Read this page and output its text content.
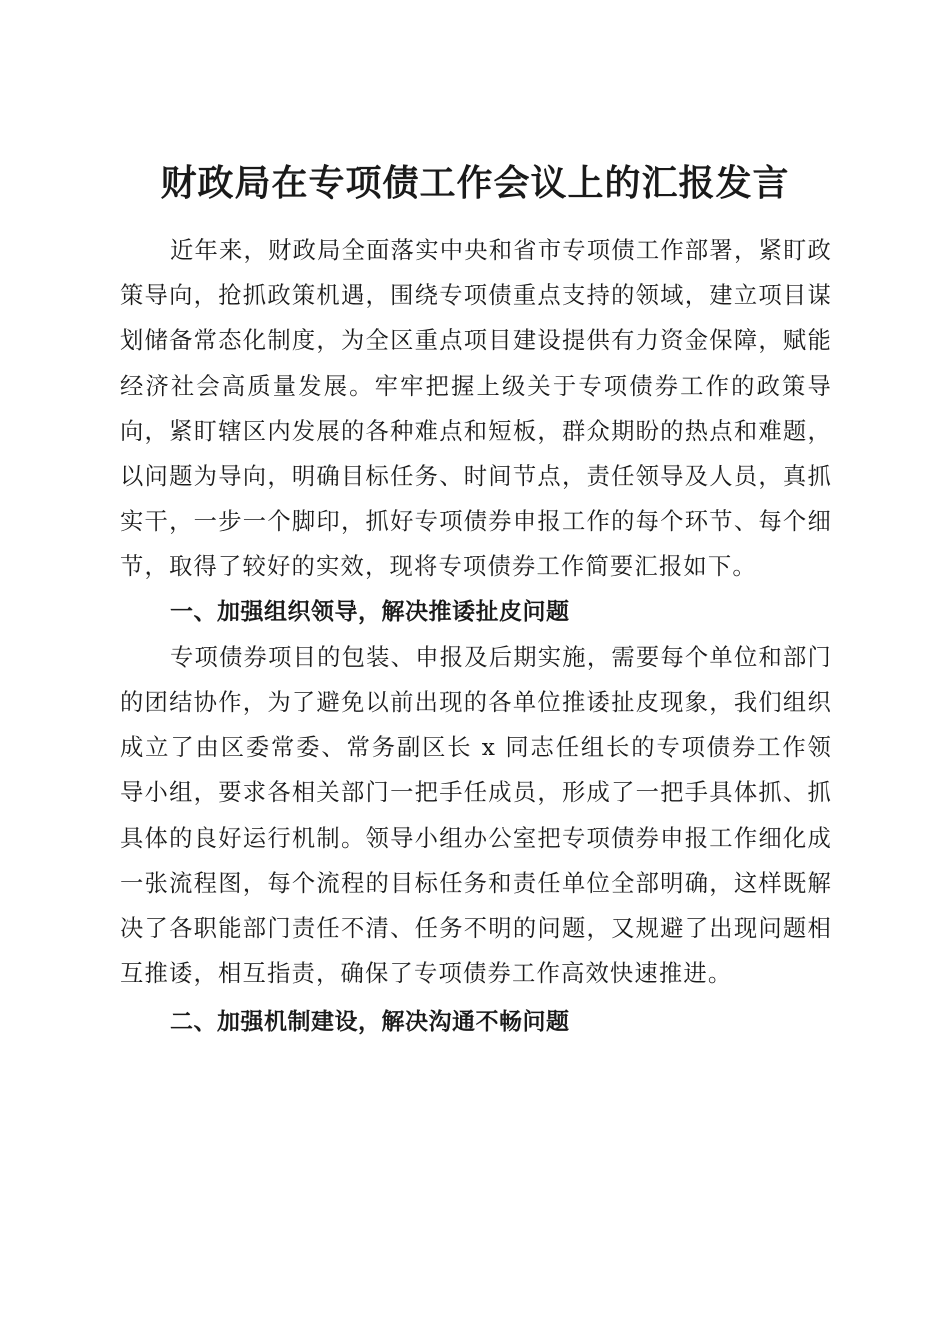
财政局在专项债工作会议上的汇报发言

近年来，财政局全面落实中央和省市专项债工作部署，紧盯政策导向，抢抓政策机遇，围绕专项债重点支持的领域，建立项目谋划储备常态化制度，为全区重点项目建设提供有力资金保障，赋能经济社会高质量发展。牢牢把握上级关于专项债券工作的政策导向，紧盯辖区内发展的各种难点和短板，群众期盼的热点和难题，以问题为导向，明确目标任务、时间节点，责任领导及人员，真抓实干，一步一个脚印，抓好专项债券申报工作的每个环节、每个细节，取得了较好的实效，现将专项债券工作简要汇报如下。

一、加强组织领导，解决推诿扯皮问题

专项债券项目的包装、申报及后期实施，需要每个单位和部门的团结协作，为了避免以前出现的各单位推诿扯皮现象，我们组织成立了由区委常委、常务副区长 x 同志任组长的专项债券工作领导小组，要求各相关部门一把手任成员，形成了一把手具体抓、抓具体的良好运行机制。领导小组办公室把专项债券申报工作细化成一张流程图，每个流程的目标任务和责任单位全部明确，这样既解决了各职能部门责任不清、任务不明的问题，又规避了出现问题相互推诿，相互指责，确保了专项债券工作高效快速推进。

二、加强机制建设，解决沟通不畅问题
